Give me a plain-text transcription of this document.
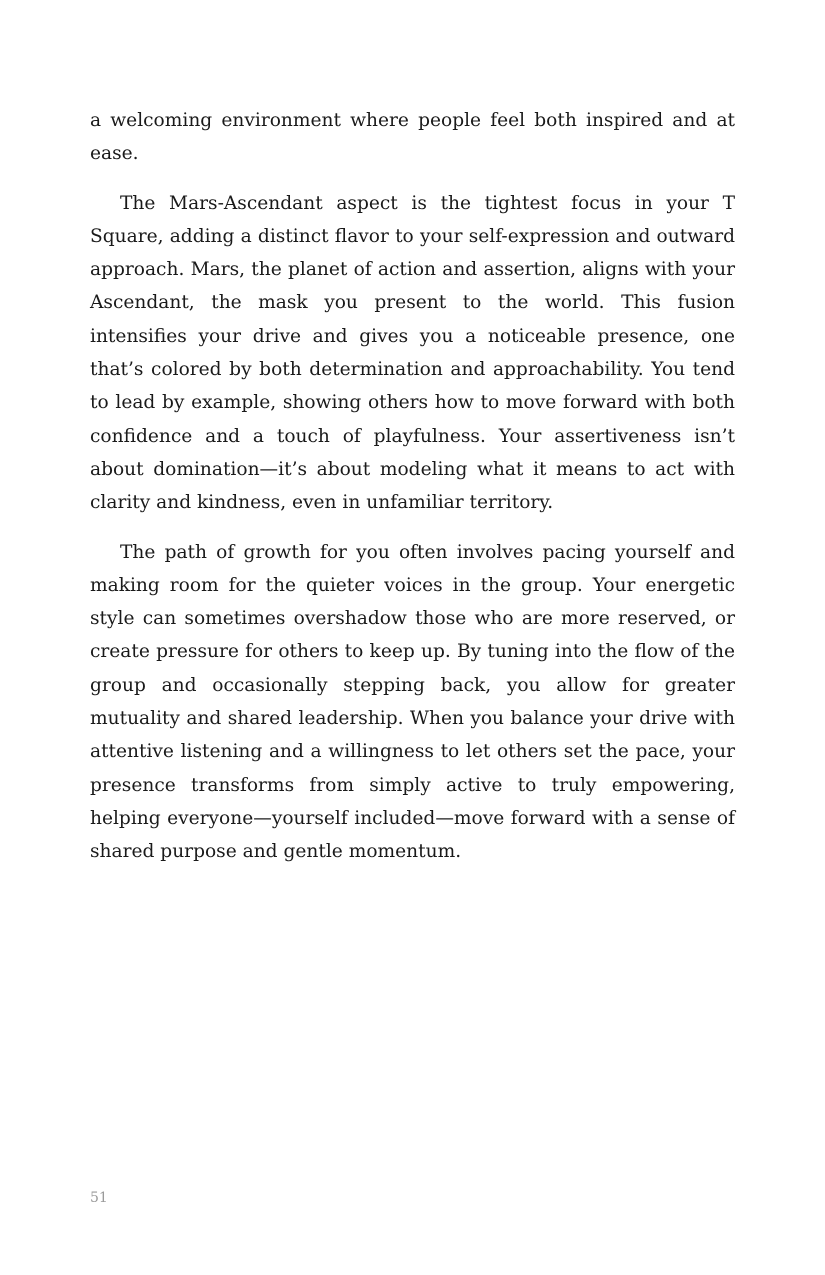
a welcoming environment where people feel both inspired and at ease.

The Mars-Ascendant aspect is the tightest focus in your T Square, adding a distinct flavor to your self-expression and outward approach. Mars, the planet of action and assertion, aligns with your Ascendant, the mask you present to the world. This fusion intensifies your drive and gives you a noticeable presence, one that’s colored by both determination and approachability. You tend to lead by example, showing others how to move forward with both confidence and a touch of playfulness. Your assertiveness isn’t about domination—it’s about modeling what it means to act with clarity and kindness, even in unfamiliar territory.

The path of growth for you often involves pacing yourself and making room for the quieter voices in the group. Your energetic style can sometimes overshadow those who are more reserved, or create pressure for others to keep up. By tuning into the flow of the group and occasionally stepping back, you allow for greater mutuality and shared leadership. When you balance your drive with attentive listening and a willingness to let others set the pace, your presence transforms from simply active to truly empowering, helping everyone—yourself included—move forward with a sense of shared purpose and gentle momentum.

51
